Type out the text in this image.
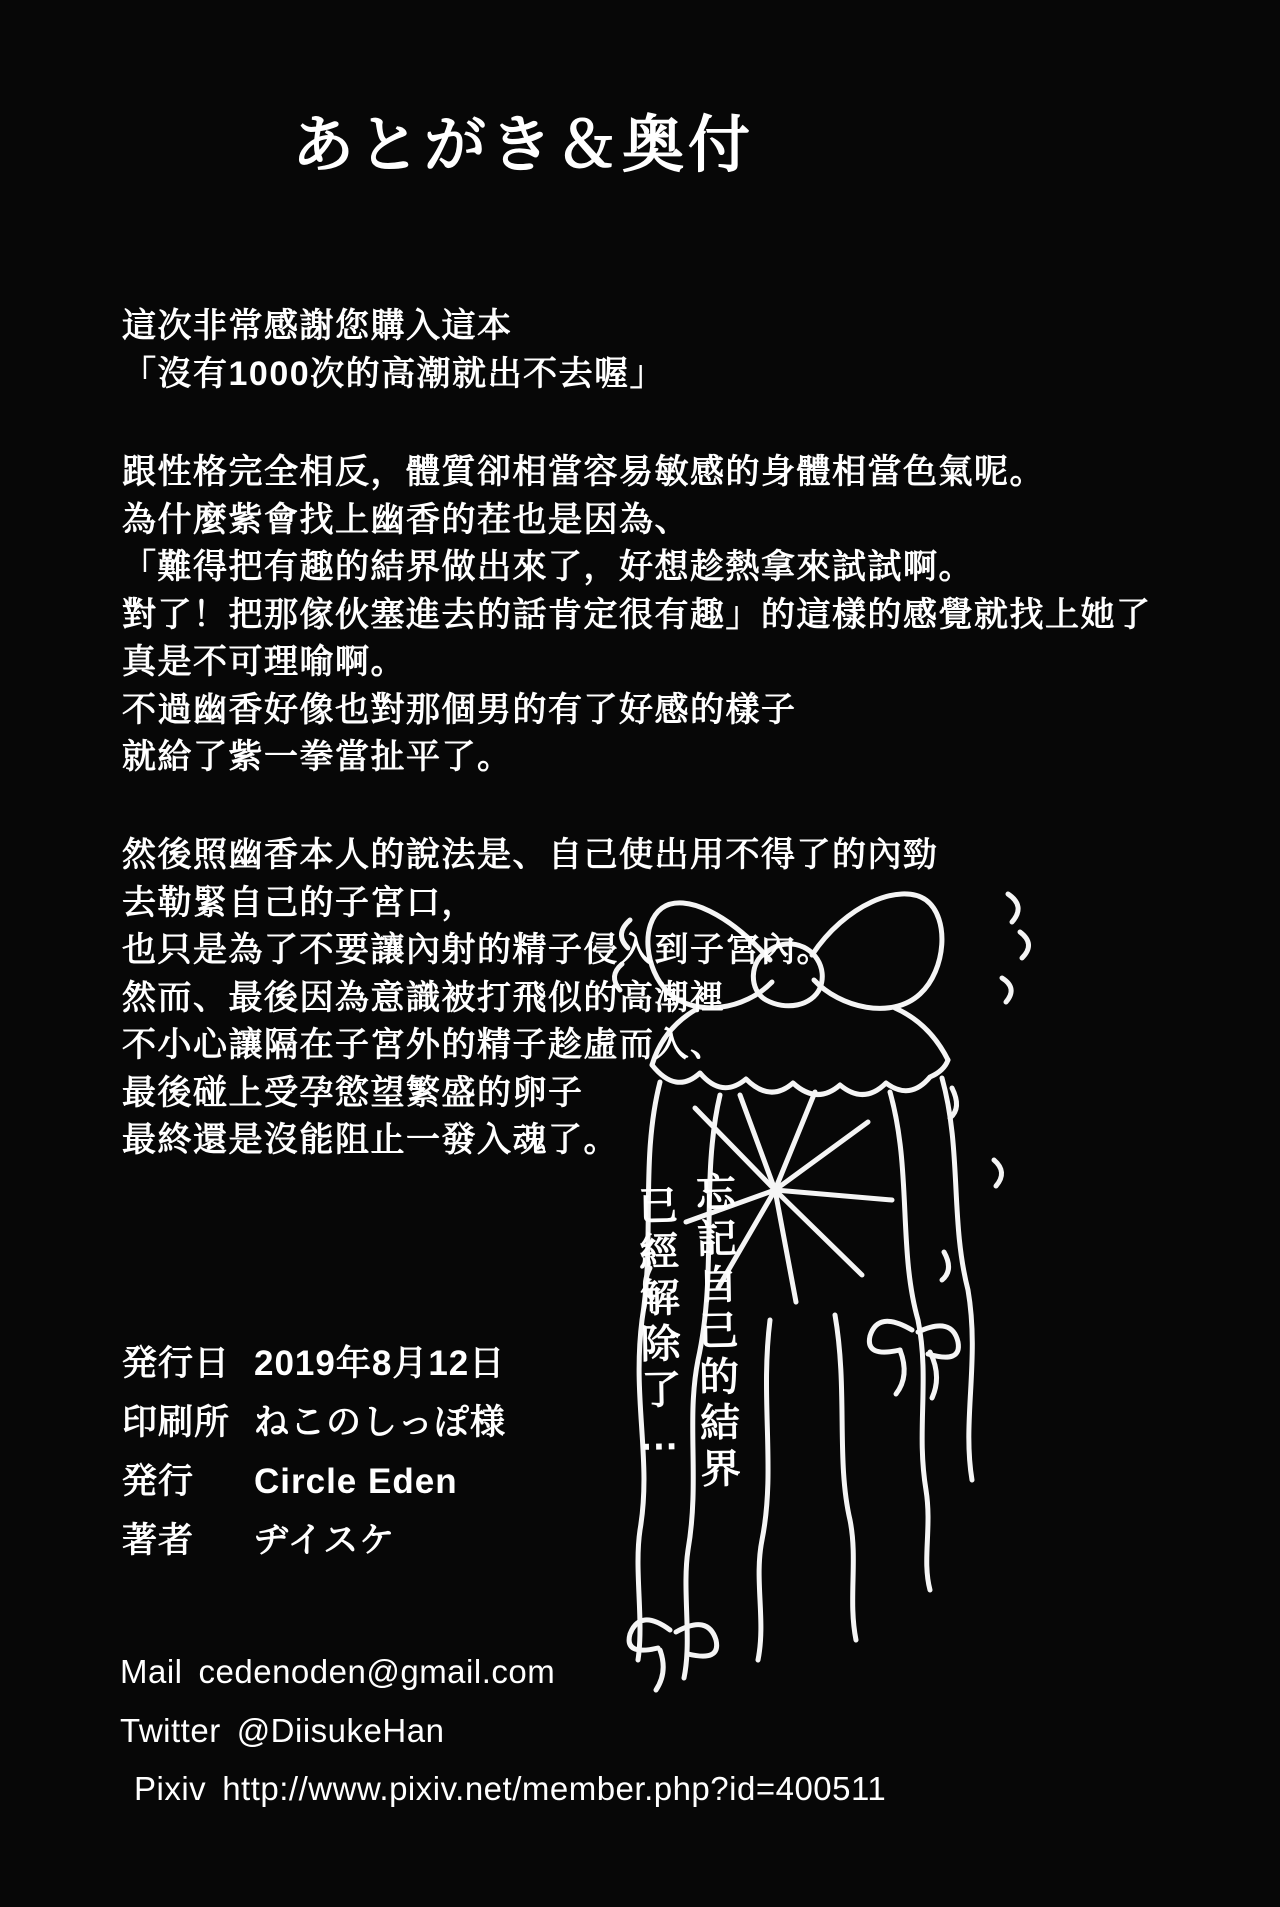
あとがき＆奥付
這次非常感謝您購入這本
「沒有1000次的高潮就出不去喔」
跟性格完全相反，體質卻相當容易敏感的身體相當色氣呢。
為什麼紫會找上幽香的茬也是因為、
「難得把有趣的結界做出來了，好想趁熱拿來試試啊。
對了！把那傢伙塞進去的話肯定很有趣」的這樣的感覺就找上她了
真是不可理喻啊。
不過幽香好像也對那個男的有了好感的樣子
就給了紫一拳當扯平了。
然後照幽香本人的說法是、自己使出用不得了的內勁
去勒緊自己的子宮口，
也只是為了不要讓內射的精子侵入到子宮內。
然而、最後因為意識被打飛似的高潮裡
不小心讓隔在子宮外的精子趁虛而入、
最後碰上受孕慾望繁盛的卵子
最終還是沒能阻止一發入魂了。
忘記自己的結界
已經解除了…
発行日 2019年8月12日
印刷所 ねこのしっぽ様
発行	Circle Eden
著者	ヂイスケ
Mail cedenoden@gmail.com
Twitter @DiisukeHan
Pixiv http://www.pixiv.net/member.php?id=400511
